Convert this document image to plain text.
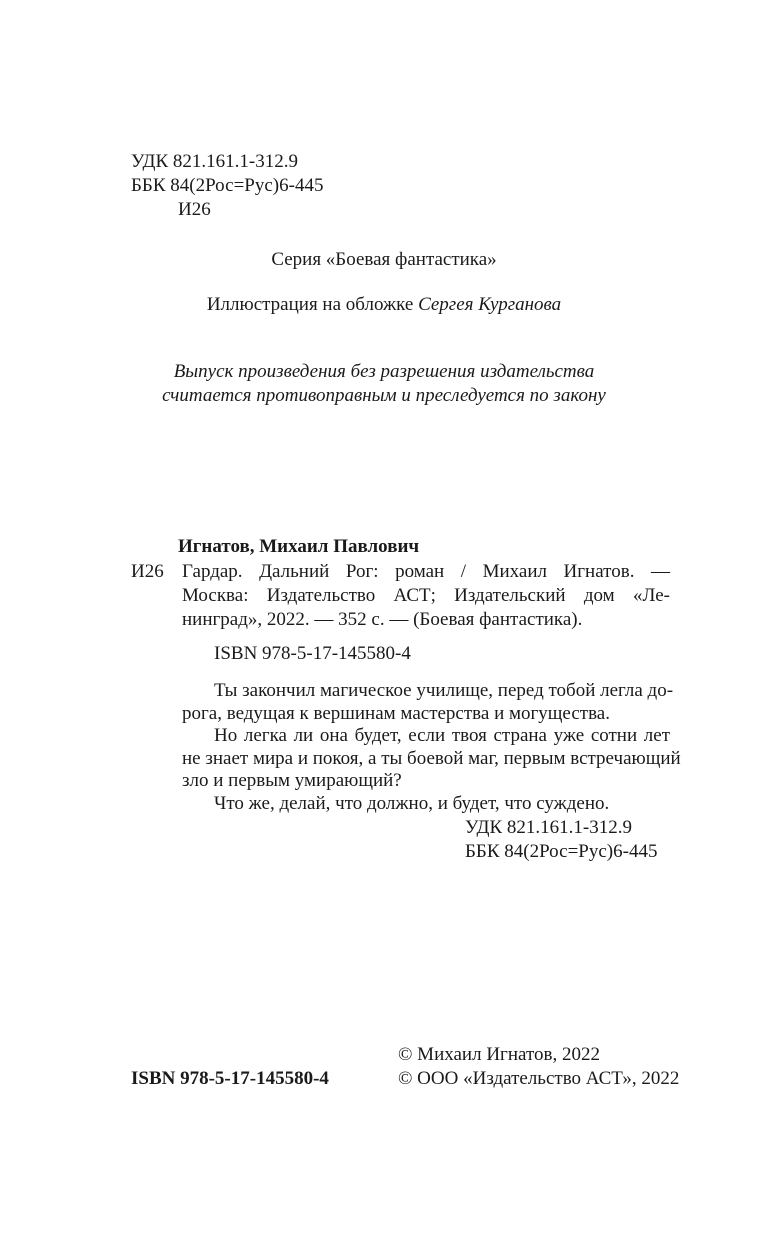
УДК 821.161.1-312.9
ББК 84(2Рос=Рус)6-445
И26
Серия «Боевая фантастика»
Иллюстрация на обложке Сергея Курганова
Выпуск произведения без разрешения издательства
считается противоправным и преследуется по закону
Игнатов, Михаил Павлович
И26 Гардар. Дальний Рог: роман / Михаил Игнатов. —
Москва: Издательство АСТ; Издательский дом «Ле-
нинград», 2022. — 352 с. — (Боевая фантастика).
ISBN 978-5-17-145580-4
Ты закончил магическое училище, перед тобой легла до-
рога, ведущая к вершинам мастерства и могущества.
Но легка ли она будет, если твоя страна уже сотни лет
не знает мира и покоя, а ты боевой маг, первым встречающий
зло и первым умирающий?
Что же, делай, что должно, и будет, что суждено.
УДК 821.161.1-312.9
ББК 84(2Рос=Рус)6-445
© Михаил Игнатов, 2022
ISBN 978-5-17-145580-4	© ООО «Издательство АСТ», 2022
